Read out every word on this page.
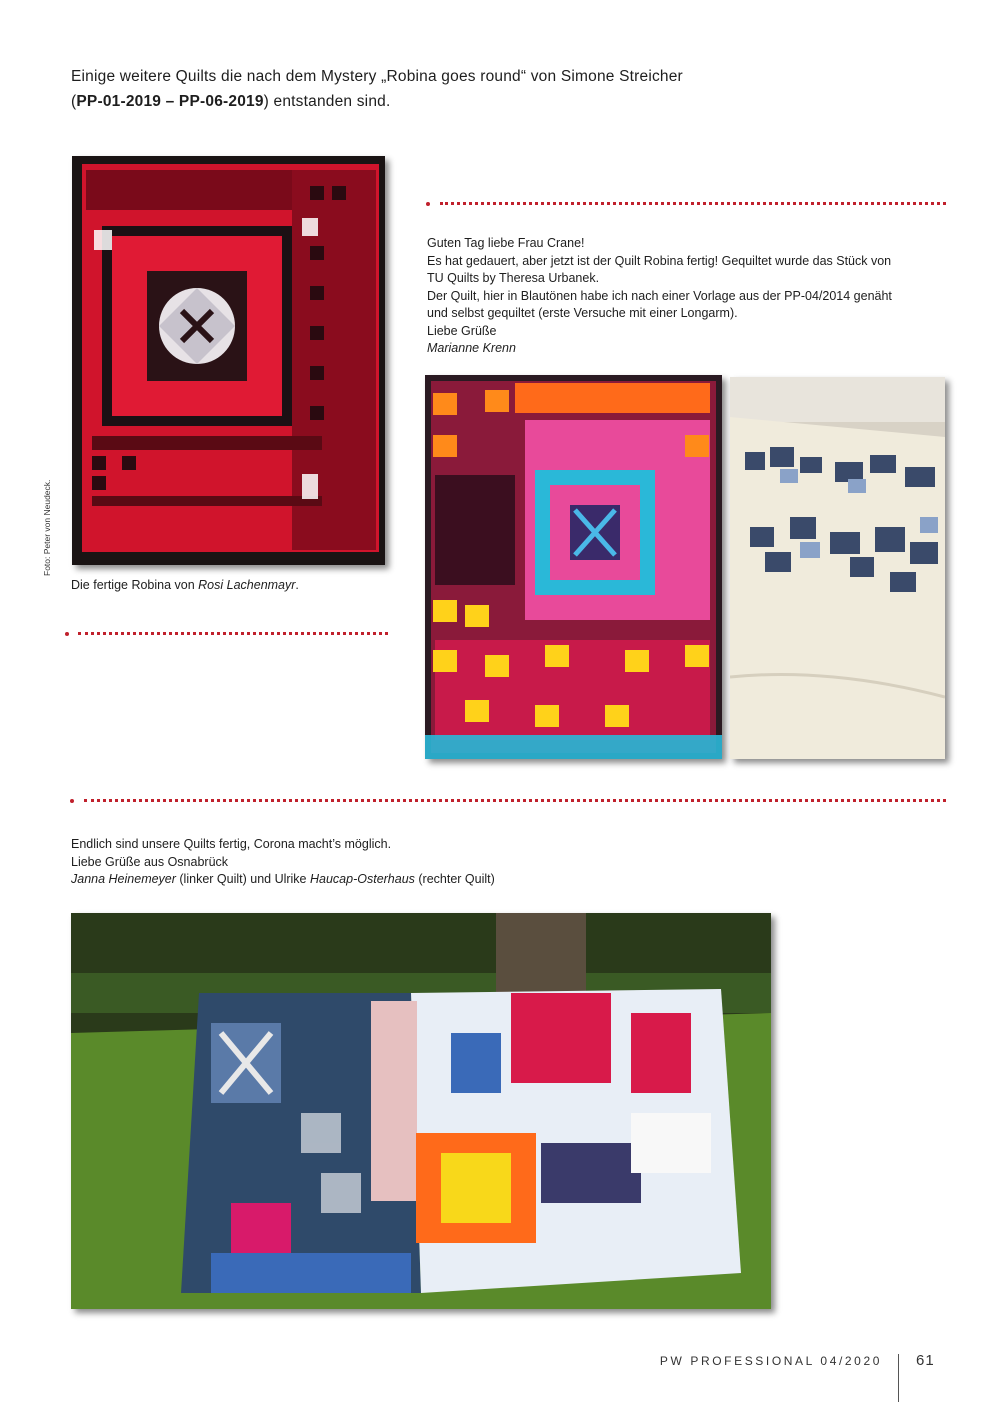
Einige weitere Quilts die nach dem Mystery „Robina goes round“ von Simone Streicher
(PP-01-2019 – PP-06-2019) entstanden sind.
Foto: Peter von Neudeck.
Die fertige Robina von Rosi Lachenmayr.
Guten Tag liebe Frau Crane!
Es hat gedauert, aber jetzt ist der Quilt Robina fertig! Gequiltet wurde das Stück von
TU Quilts by Theresa Urbanek.
Der Quilt, hier in Blautönen habe ich nach einer Vorlage aus der PP-04/2014 genäht
und selbst gequiltet (erste Versuche mit einer Longarm).
Liebe Grüße
Marianne Krenn
Endlich sind unsere Quilts fertig, Corona macht’s möglich.
Liebe Grüße aus Osnabrück
Janna Heinemeyer (linker Quilt) und Ulrike Haucap-Osterhaus (rechter Quilt)
PW PROFESSIONAL 04/2020 61
